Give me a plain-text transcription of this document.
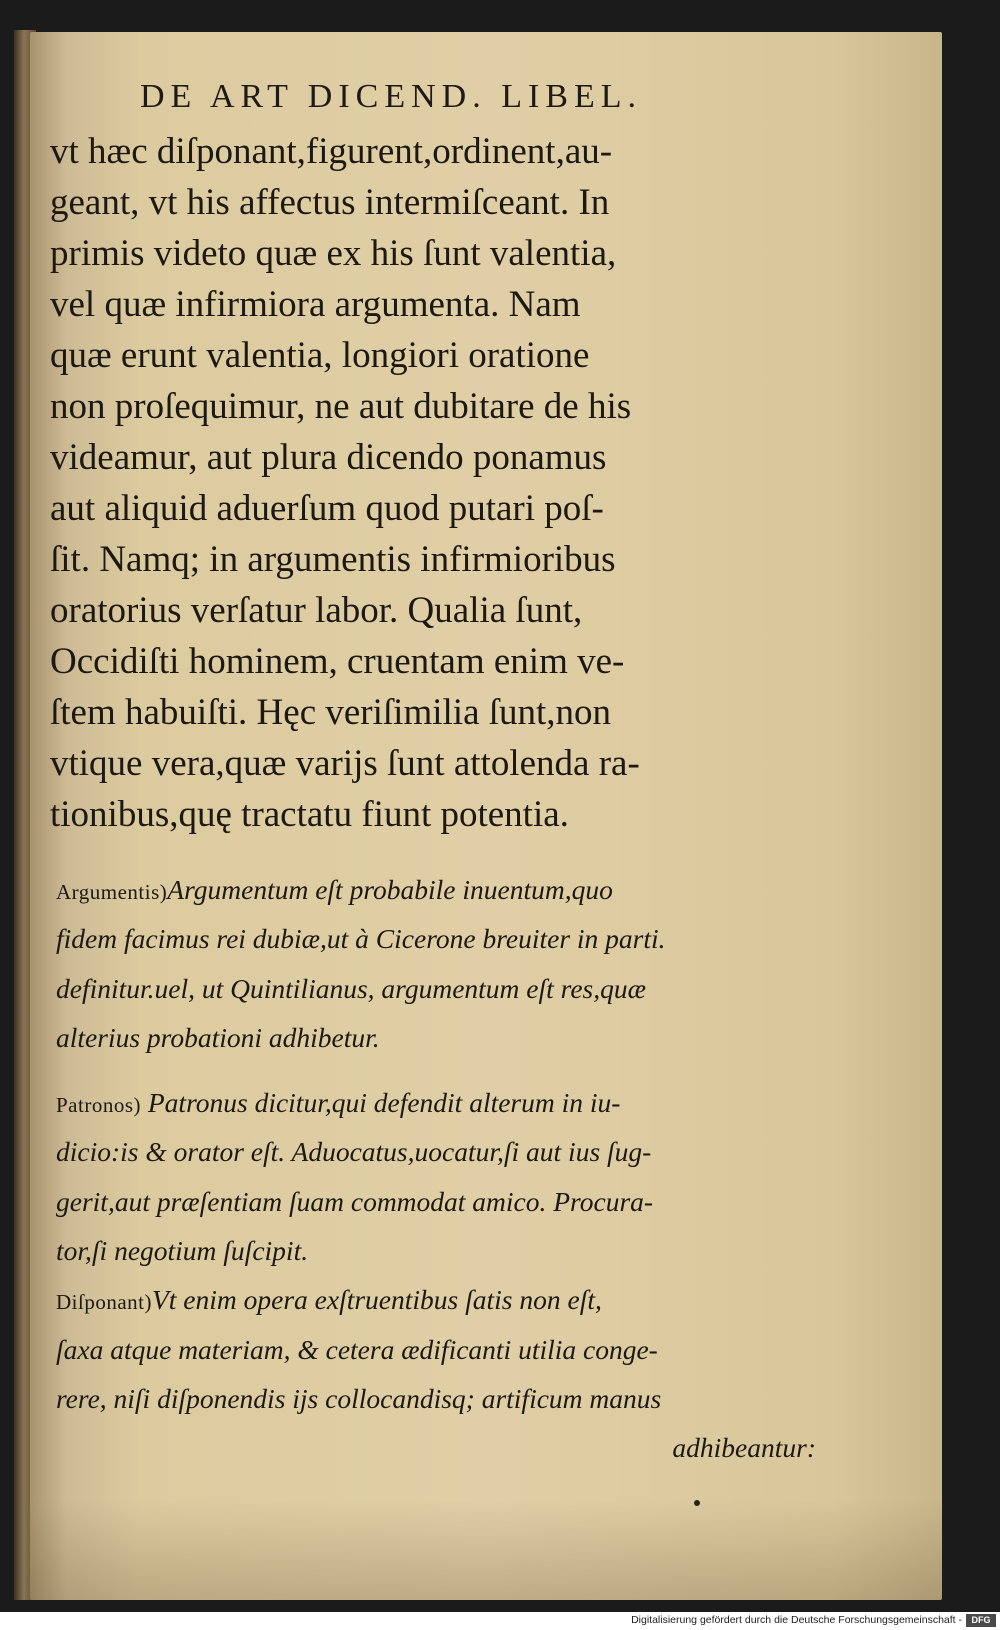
DE ART DICEND. LIBEL.
vt hæc diſponant,figurent,ordinent,au-
geant, vt his affectus intermiſceant. In
primis videto quæ ex his ſunt valentia,
vel quæ infirmiora argumenta. Nam
quæ erunt valentia, longiori oratione
non proſequimur, ne aut dubitare de his
videamur, aut plura dicendo ponamus
aut aliquid aduerſum quod putari poſ-
ſit. Namq; in argumentis infirmioribus
oratorius verſatur labor. Qualia ſunt,
Occidiſti hominem, cruentam enim ve-
ſtem habuiſti. Hęc veriſimilia ſunt,non
vtique vera,quæ varijs ſunt attolenda ra-
tionibus,quę tractatu fiunt potentia.
Argumentis)Argumentum eſt probabile inuentum,quo
fidem facimus rei dubiæ,ut à Cicerone breuiter in parti.
definitur.uel, ut Quintilianus, argumentum eſt res,quæ
alterius probationi adhibetur.
Patronos) Patronus dicitur,qui defendit alterum in iu-
dicio:is & orator eſt. Aduocatus,uocatur,ſi aut ius ſug-
gerit,aut præſentiam ſuam commodat amico. Procura-
tor,ſi negotium ſuſcipit.
Diſponant)Vt enim opera exſtruentibus ſatis non eſt,
ſaxa atque materiam, & cetera ædificanti utilia conge-
rere, niſi diſponendis ijs collocandisq; artificum manus
adhibeantur:
Digitalisierung gefördert durch die Deutsche Forschungsgemeinschaft -	DFG
